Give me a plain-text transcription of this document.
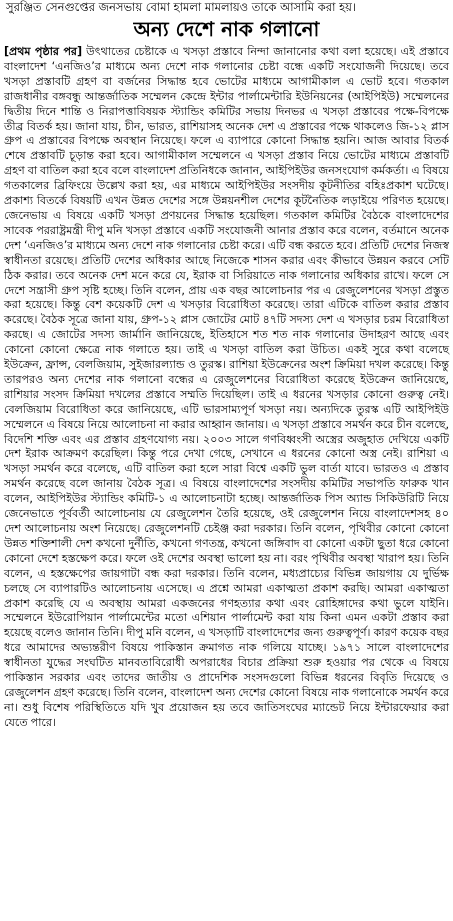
সুরঞ্জিত সেনগুপ্তের জনসভায় বোমা হামলা মামলায়ও তাকে আসামি করা হয়।

অন্য দেশে নাক গলানো

[প্রথম পৃষ্ঠার পর] উৎথাতের চেষ্টাকে এ খসড়া প্রস্তাবে নিন্দা জানানোর কথা বলা হয়েছে। এই প্রস্তাবে বাংলাদেশ ‘এনজিও’র মাধ্যমে অন্য দেশে নাক গলানোর চেষ্টা বন্ধে একটি সংযোজনী দিয়েছে। তবে খসড়া প্রস্তাবটি গ্রহণ বা বর্জনের সিদ্ধান্ত হবে ভোটের মাধ্যমে আগামীকাল এ ভোট হবে। গতকাল রাজধানীর বঙ্গবন্ধু আন্তর্জাতিক সম্মেলন কেন্দ্রে ইন্টার পার্লামেন্টারি ইউনিয়নের (আইপিইউ) সম্মেলনের দ্বিতীয় দিনে শান্তি ও নিরাপত্তাবিষয়ক স্ট্যান্ডিং কমিটির সভায় দিনভর এ খসড়া প্রস্তাবের পক্ষে-বিপক্ষে তীব্র বিতর্ক হয়। জানা যায়, চীন, ভারত, রাশিয়াসহ অনেক দেশ এ প্রস্তাবের পক্ষে থাকলেও জি-১২ প্লাস গ্রুপ এ প্রস্তাবের বিপক্ষে অবস্থান নিয়েছে। ফলে এ ব্যাপারে কোনো সিদ্ধান্ত হয়নি। আজ আবার বিতর্ক শেষে প্রস্তাবটি চূড়ান্ত করা হবে। আগামীকাল সম্মেলনে এ খসড়া প্রস্তাব নিয়ে ভোটের মাধ্যমে প্রস্তাবটি গ্রহণ বা বাতিল করা হবে বলে বাংলাদেশ প্রতিনিধকে জানান, আইপিইউর জনসংযোগ কর্মকর্তা। এ বিষয়ে গতকালের ব্রিফিংয়ে উল্লেখ করা হয়, এর মাধ্যমে আইপিইউর সংসদীয় কূটনীতির বহিঃপ্রকাশ ঘটেছে। প্রকাশ্য বিতর্কে বিষয়টি এখন উন্নত দেশের সঙ্গে উন্নয়নশীল দেশের কূটনৈতিক লড়াইয়ে পরিণত হয়েছে। জেনেভায় এ বিষয়ে একটি খসড়া প্রণয়নের সিদ্ধান্ত হয়েছিল। গতকাল কমিটির বৈঠকে বাংলাদেশের সাবেক পররাষ্ট্রমন্ত্রী দীপু মনি খসড়া প্রস্তাবে একটি সংযোজনী আনার প্রস্তাব করে বলেন, বর্তমানে অনেক দেশ ‘এনজিও’র মাধ্যমে অন্য দেশে নাক গলানোর চেষ্টা করে। এটি বন্ধ করতে হবে। প্রতিটি দেশের নিজস্ব স্বাধীনতা রয়েছে। প্রতিটি দেশের অধিকার আছে নিজেকে শাসন করার এবং কীভাবে উন্নয়ন করবে সেটি ঠিক করার। তবে অনেক দেশ মনে করে যে, ইরাক বা সিরিয়াতে নাক গলানোর অধিকার রাখে। ফলে সে দেশে সন্ত্রাসী গ্রুপ সৃষ্টি হচ্ছে। তিনি বলেন, প্রায় এক বছর আলোচনার পর এ রেজুলেশনের খসড়া প্রস্তুত করা হয়েছে। কিন্তু বেশ কয়েকটি দেশ এ খসড়ার বিরোধিতা করেছে। তারা এটিকে বাতিল করার প্রস্তাব করেছে। বৈঠক সূত্রে জানা যায়, গ্রুপ-১২ প্লাস জোটের মোট ৪৭টি সদস্য দেশ এ খসড়ার চরম বিরোধিতা করছে। এ জোটের সদস্য জার্মানি জানিয়েছে, ইতিহাসে শত শত নাক গলানোর উদাহরণ আছে এবং কোনো কোনো ক্ষেত্রে নাক গলাতে হয়। তাই এ খসড়া বাতিল করা উচিত। একই সুরে কথা বলেছে ইউক্রেন, ফ্রান্স, বেলজিয়াম, সুইজারল্যান্ড ও তুরস্ক। রাশিয়া ইউক্রেনের অংশ ক্রিমিয়া দখল করেছে। কিন্তু তারপরও অন্য দেশের নাক গলানো বন্ধের এ রেজুলেশনের বিরোধিতা করেছে ইউক্রেন জানিয়েছে, রাশিয়ার সংসদ ক্রিমিয়া দখলের প্রস্তাবে সম্মতি দিয়েছিল। তাই এ ধরনের খসড়ার কোনো গুরুত্ব নেই। বেলজিয়াম বিরোধিতা করে জানিয়েছে, এটি ভারসাম্যপূর্ণ খসড়া নয়। অন্যদিকে তুরস্ক এটি আইপিইউ সম্মেলনে এ বিষয়ে নিয়ে আলোচনা না করার আহ্বান জানায়। এ খসড়া প্রস্তাবে সমর্থন করে চীন বলেছে, বিদেশি শক্তি এবং এর প্রস্তাব গ্রহণযোগ্য নয়। ২০০৩ সালে গণবিধ্বংসী অস্ত্রের অজুহাত দেখিয়ে একটি দেশ ইরাক আক্রমণ করেছিল। কিন্তু পরে দেখা গেছে, সেখানে এ ধরনের কোনো অস্ত্র নেই। রাশিয়া এ খসড়া সমর্থন করে বলেছে, এটি বাতিল করা হলে সারা বিশ্বে একটি ভুল বার্তা যাবে। ভারতও এ প্রস্তাব সমর্থন করেছে বলে জানায় বৈঠক সূত্র। এ বিষয়ে বাংলাদেশের সংসদীয় কমিটির সভাপতি ফারুক খান বলেন, আইপিইউর স্ট্যান্ডিং কমিটি-১ এ আলোচনাটা হচ্ছে। আন্তর্জাতিক পিস অ্যান্ড সিকিউরিটি নিয়ে জেনেভাতে পূর্ববর্তী আলোচনায় যে রেজুলেশন তৈরি হয়েছে, ওই রেজুলেশন নিয়ে বাংলাদেশসহ ৪০ দেশ আলোচনায় অংশ নিয়েছে। রেজুলেশনটি চেইঞ্জ করা দরকার। তিনি বলেন, পৃথিবীর কোনো কোনো উন্নত শক্তিশালী দেশ কখনো দুর্নীতি, কখনো গণতন্ত্র, কখনো জঙ্গিবাদ বা কোনো একটা ছুতা ধরে কোনো কোনো দেশে হস্তক্ষেপ করে। ফলে ওই দেশের অবস্থা ভালো হয় না। বরং পৃথিবীর অবস্থা খারাপ হয়। তিনি বলেন, এ হস্তক্ষেপের জায়গাটা বন্ধ করা দরকার। তিনি বলেন, মধ্যপ্রাচ্যের বিভিন্ন জায়গায় যে দুর্ভিক্ষ চলছে সে ব্যাপারটিও আলোচনায় এসেছে। এ প্রশ্নে আমরা একাত্মতা প্রকাশ করছি। আমরা একাত্মতা প্রকাশ করেছি যে এ অবস্থায় আমরা একজনের গণহত্যার কথা এবং রোহিঙ্গাদের কথা ভুলে যাইনি। সম্মেলনে ইউরোপিয়ান পার্লামেন্টের মতো এশিয়ান পার্লামেন্ট করা যায় কিনা এমন একটা প্রস্তাব করা হয়েছে বলেও জানান তিনি। দীপু মনি বলেন, এ খসড়াটি বাংলাদেশের জন্য গুরুত্বপূর্ণ। কারণ কয়েক বছর ধরে আমাদের অভ্যন্তরীণ বিষয়ে পাকিস্তান ক্রমাগত নাক গলিয়ে যাচ্ছে। ১৯৭১ সালে বাংলাদেশের স্বাধীনতা যুদ্ধের সংঘটিত মানবতাবিরোধী অপরাধের বিচার প্রক্রিয়া শুরু হওয়ার পর থেকে এ বিষয়ে পাকিস্তান সরকার এবং তাদের জাতীয় ও প্রাদেশিক সংসদগুলো বিভিন্ন ধরনের বিবৃতি দিয়েছে ও রেজুলেশন গ্রহণ করেছে। তিনি বলেন, বাংলাদেশ অন্য দেশের কোনো বিষয়ে নাক গলানোকে সমর্থন করে না। শুধু বিশেষ পরিস্থিতিতে যদি খুব প্রয়োজন হয় তবে জাতিসংঘের ম্যান্ডেট নিয়ে ইন্টারফেয়ার করা যেতে পারে।
